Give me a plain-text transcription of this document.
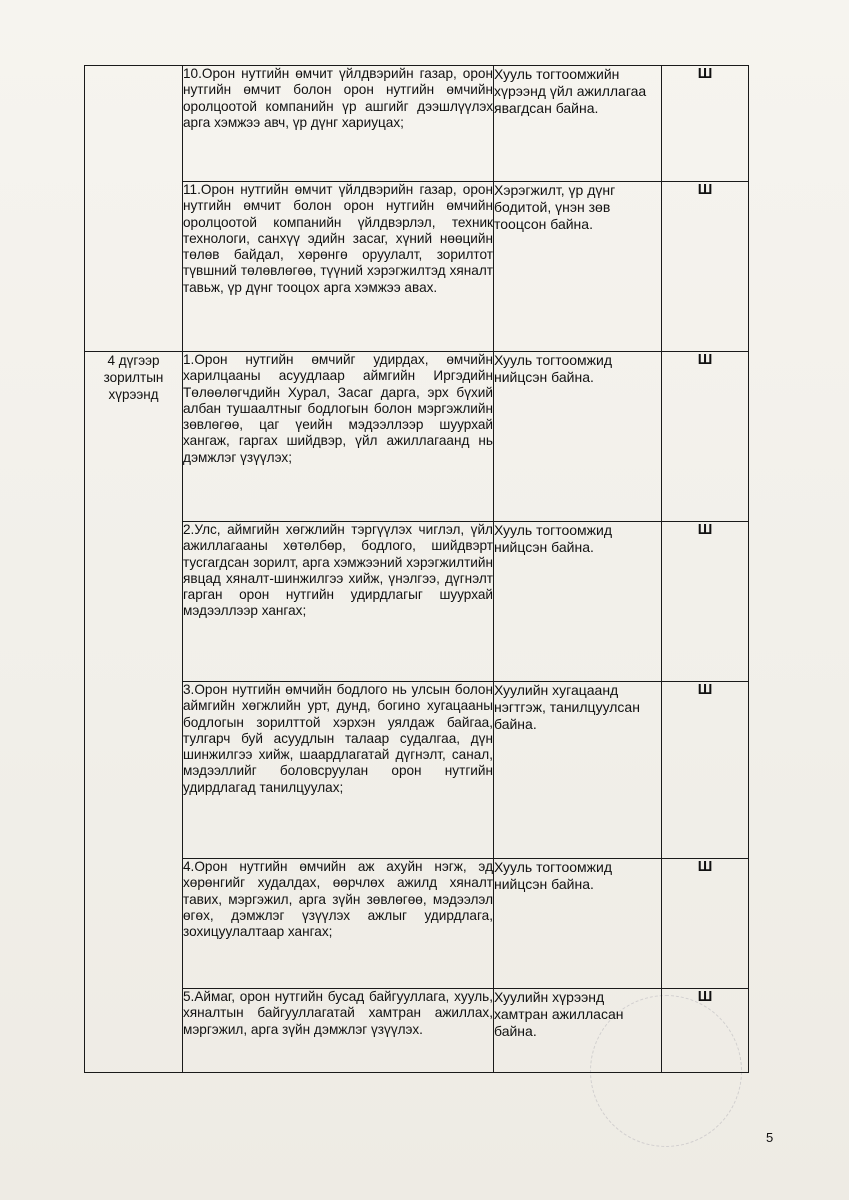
	10.Орон нутгийн өмчит үйлдвэрийн газар, орон нутгийн өмчит болон орон нутгийн өмчийн оролцоотой компанийн үр ашгийг дээшлүүлэх арга хэмжээ авч, үр дүнг хариуцах;	Хууль тогтоомжийн хүрээнд үйл ажиллагаа явагдсан байна.	Ш
	11.Орон нутгийн өмчит үйлдвэрийн газар, орон нутгийн өмчит болон орон нутгийн өмчийн оролцоотой компанийн үйлдвэрлэл, техник технологи, санхүү эдийн засаг, хүний нөөцийн төлөв байдал, хөрөнгө оруулалт, зорилтот түвшний төлөвлөгөө, түүний хэрэгжилтэд хяналт тавьж, үр дүнг тооцох арга хэмжээ авах.	Хэрэгжилт, үр дүнг бодитой, үнэн зөв тооцсон байна.	Ш

4 дүгээр зорилтын хүрээнд	1.Орон нутгийн өмчийг удирдах, өмчийн харилцааны асуудлаар аймгийн Иргэдийн Төлөөлөгчдийн Хурал, Засаг дарга, эрх бүхий албан тушаалтныг бодлогын болон мэргэжлийн зөвлөгөө, цаг үеийн мэдээллээр шуурхай хангаж, гаргах шийдвэр, үйл ажиллагаанд нь дэмжлэг үзүүлэх;	Хууль тогтоомжид нийцсэн байна.	Ш
	2.Улс, аймгийн хөгжлийн тэргүүлэх чиглэл, үйл ажиллагааны хөтөлбөр, бодлого, шийдвэрт тусгагдсан зорилт, арга хэмжээний хэрэгжилтийн явцад хяналт-шинжилгээ хийж, үнэлгээ, дүгнэлт гарган орон нутгийн удирдлагыг шуурхай мэдээллээр хангах;	Хууль тогтоомжид нийцсэн байна.	Ш
	3.Орон нутгийн өмчийн бодлого нь улсын болон аймгийн хөгжлийн урт, дунд, богино хугацааны бодлогын зорилттой хэрхэн уялдаж байгаа, тулгарч буй асуудлын талаар судалгаа, дүн шинжилгээ хийж, шаардлагатай дүгнэлт, санал, мэдээллийг боловсруулан орон нутгийн удирдлагад танилцуулах;	Хуулийн хугацаанд нэгтгэж, танилцуулсан байна.	Ш
	4.Орон нутгийн өмчийн аж ахуйн нэгж, эд хөрөнгийг худалдах, өөрчлөх ажилд хяналт тавих, мэргэжил, арга зүйн зөвлөгөө, мэдээлэл өгөх, дэмжлэг үзүүлэх ажлыг удирдлага, зохицуулалтаар хангах;	Хууль тогтоомжид нийцсэн байна.	Ш
	5.Аймаг, орон нутгийн бусад байгууллага, хууль, хяналтын байгууллагатай хамтран ажиллах, мэргэжил, арга зүйн дэмжлэг үзүүлэх.	Хуулийн хүрээнд хамтран ажилласан байна.	Ш
5
